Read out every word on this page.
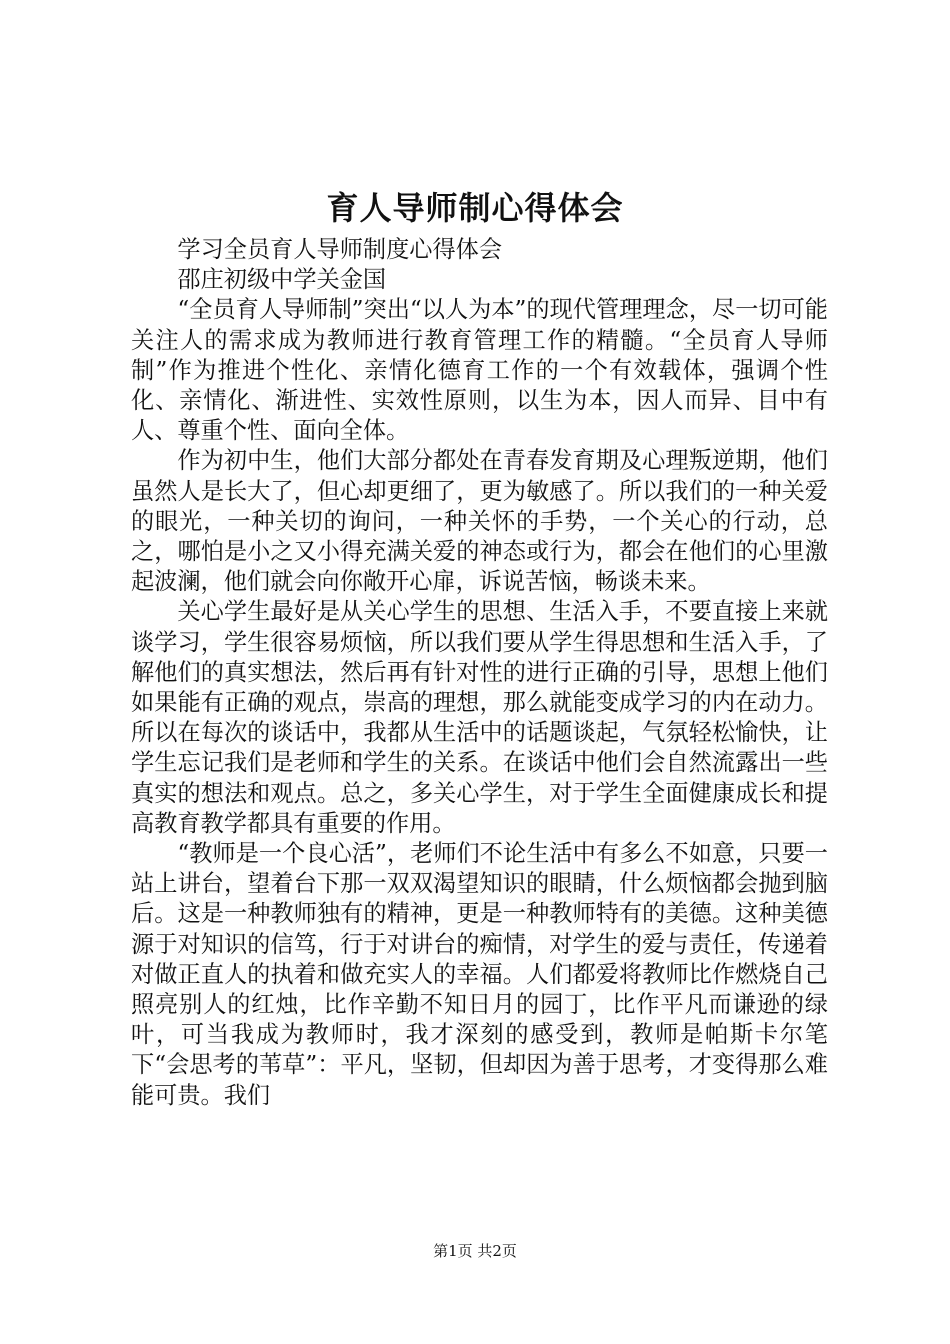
育人导师制心得体会

学习全员育人导师制度心得体会

邵庄初级中学关金国

“全员育人导师制”突出“以人为本”的现代管理理念，尽一切可能关注人的需求成为教师进行教育管理工作的精髓。“全员育人导师制”作为推进个性化、亲情化德育工作的一个有效载体，强调个性化、亲情化、渐进性、实效性原则，以生为本，因人而异、目中有人、尊重个性、面向全体。

作为初中生，他们大部分都处在青春发育期及心理叛逆期，他们虽然人是长大了，但心却更细了，更为敏感了。所以我们的一种关爱的眼光，一种关切的询问，一种关怀的手势，一个关心的行动，总之，哪怕是小之又小得充满关爱的神态或行为，都会在他们的心里激起波澜，他们就会向你敞开心扉，诉说苦恼，畅谈未来。

关心学生最好是从关心学生的思想、生活入手，不要直接上来就谈学习，学生很容易烦恼，所以我们要从学生得思想和生活入手，了解他们的真实想法，然后再有针对性的进行正确的引导，思想上他们如果能有正确的观点，崇高的理想，那么就能变成学习的内在动力。所以在每次的谈话中，我都从生活中的话题谈起，气氛轻松愉快，让学生忘记我们是老师和学生的关系。在谈话中他们会自然流露出一些真实的想法和观点。总之，多关心学生，对于学生全面健康成长和提高教育教学都具有重要的作用。

“教师是一个良心活”，老师们不论生活中有多么不如意，只要一站上讲台，望着台下那一双双渴望知识的眼睛，什么烦恼都会抛到脑后。这是一种教师独有的精神，更是一种教师特有的美德。这种美德源于对知识的信笃，行于对讲台的痴情，对学生的爱与责任，传递着对做正直人的执着和做充实人的幸福。人们都爱将教师比作燃烧自己照亮别人的红烛，比作辛勤不知日月的园丁，比作平凡而谦逊的绿叶，可当我成为教师时，我才深刻的感受到，教师是帕斯卡尔笔下“会思考的苇草”：平凡，坚韧，但却因为善于思考，才变得那么难能可贵。我们

第1页 共2页
